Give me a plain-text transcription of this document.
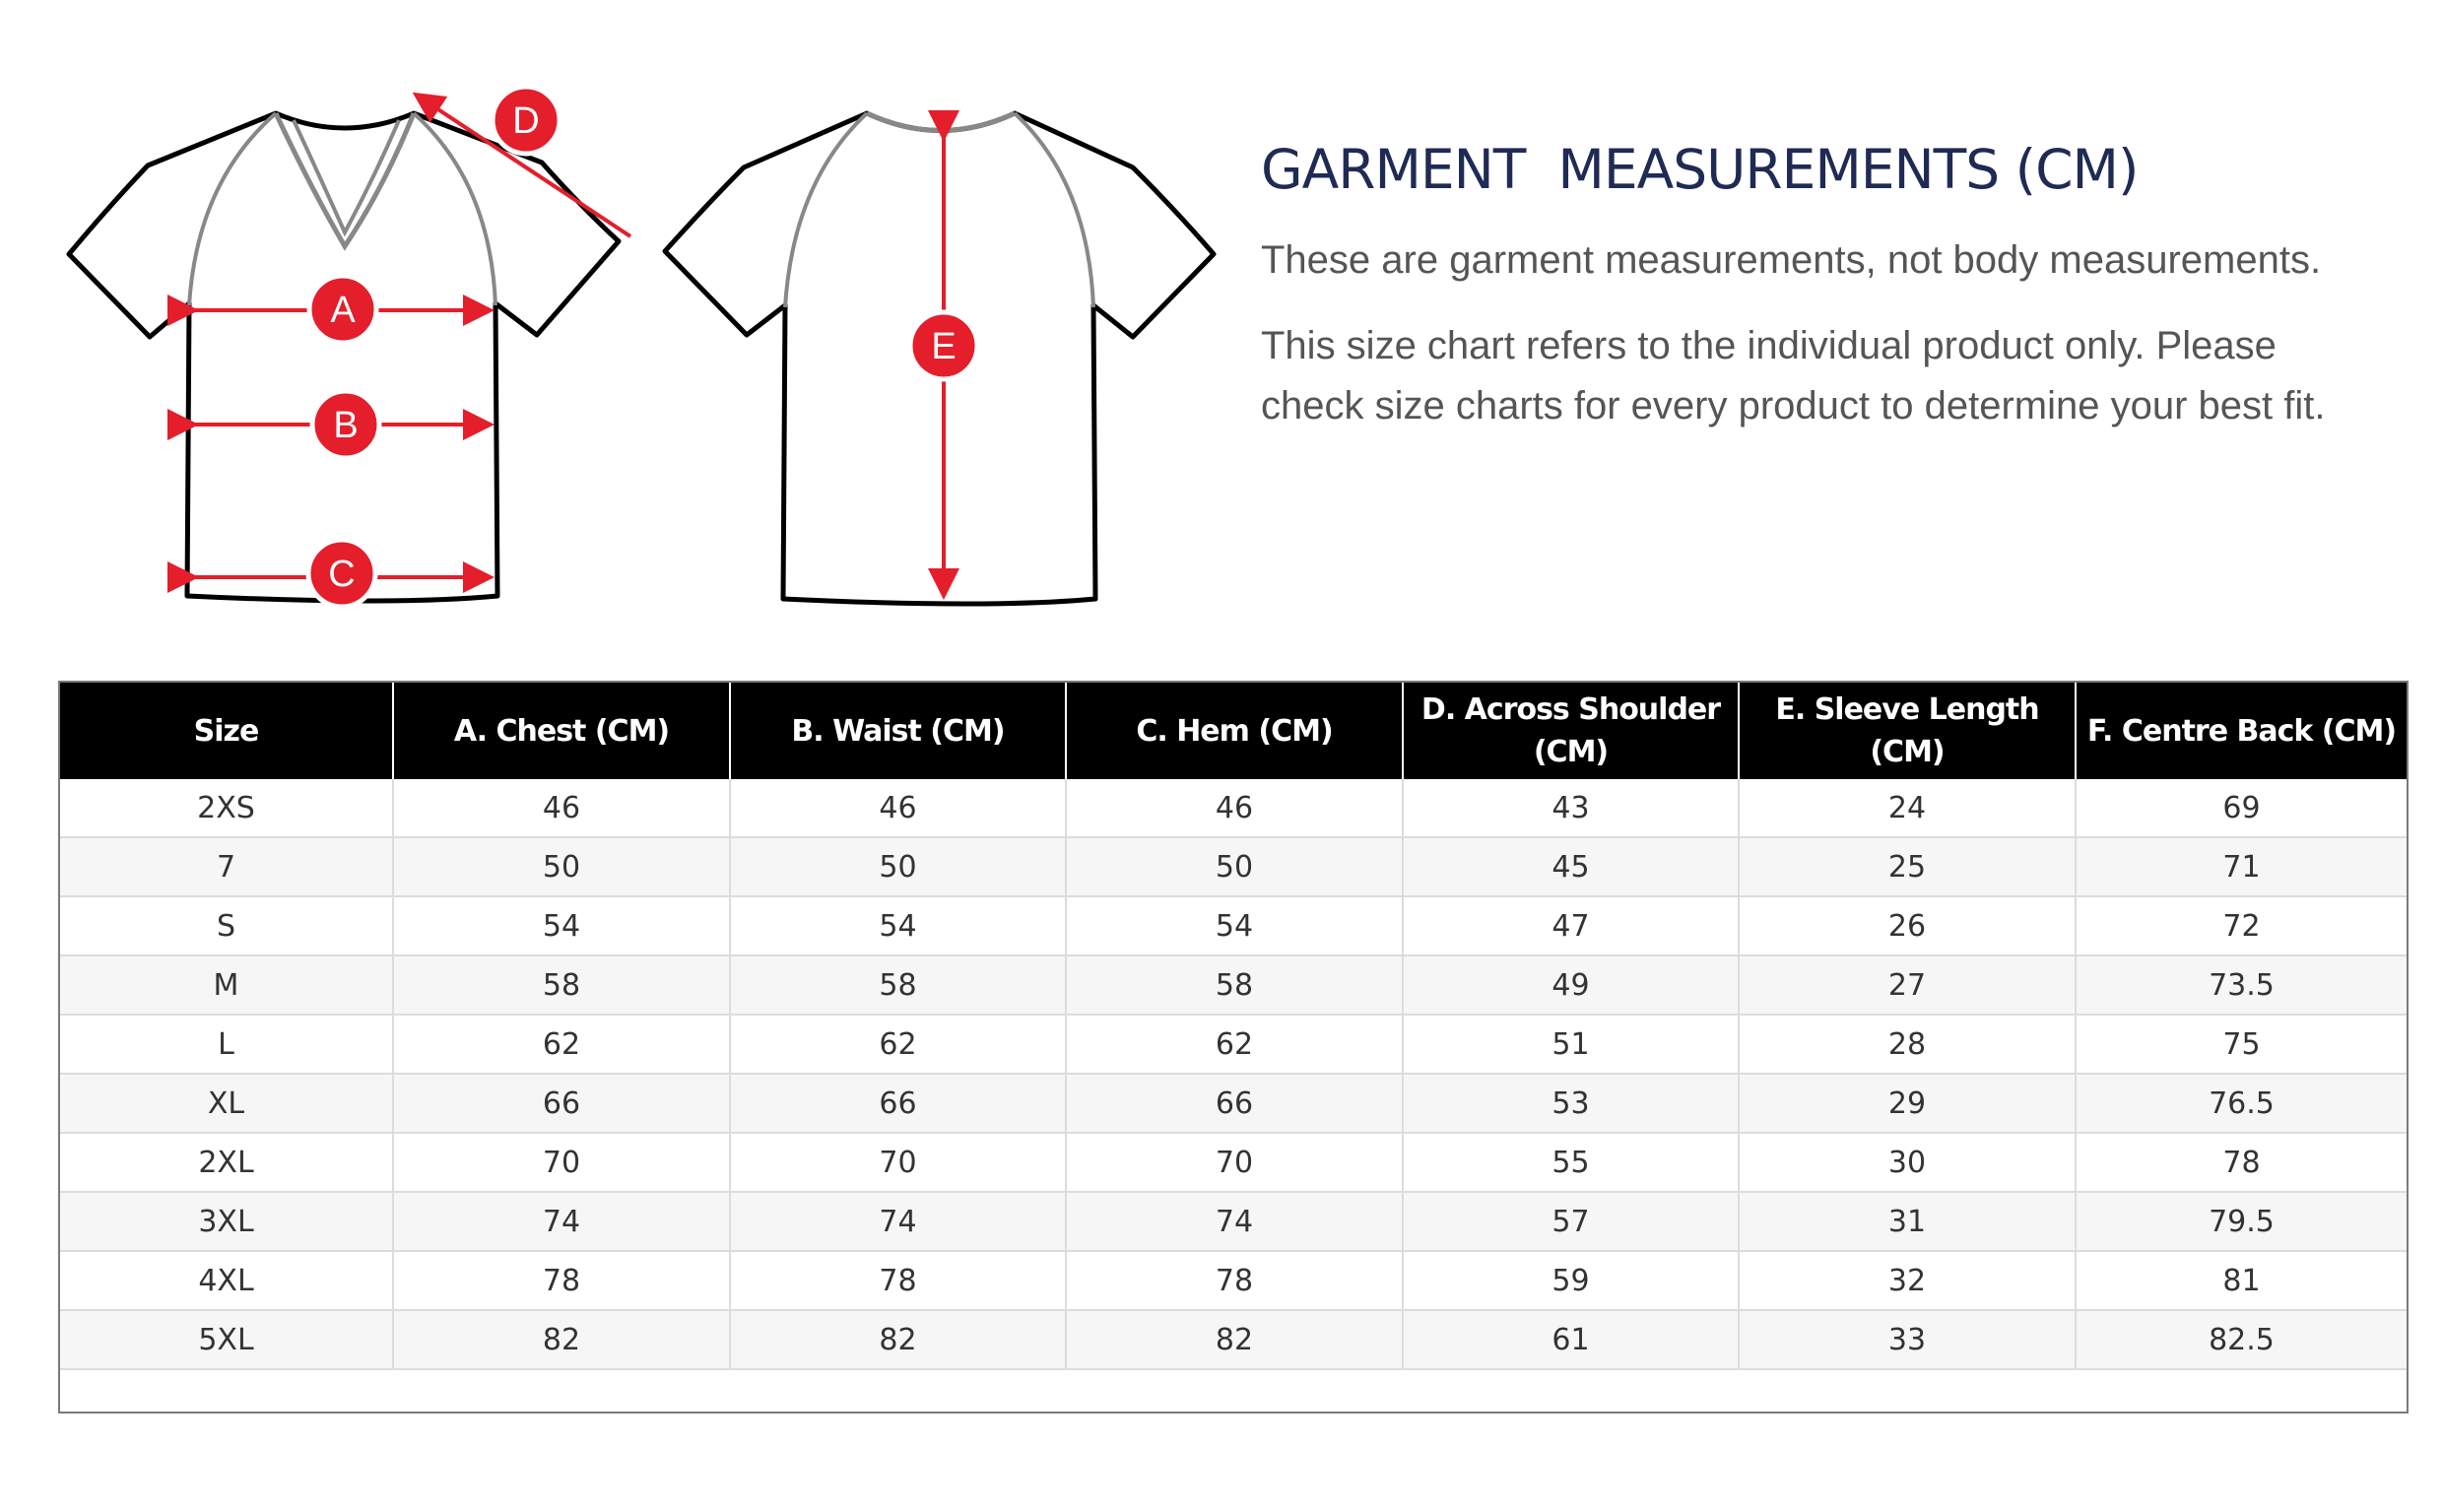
A
B
C
D
E
GARMENT  MEASUREMENTS (CM)

These are garment measurements, not body measurements.

This size chart refers to the individual product only. Please check size charts for every product to determine your best fit.

Size	A. Chest (CM)	B. Waist (CM)	C. Hem (CM)	D. Across Shoulder (CM)	E. Sleeve Length (CM)	F. Centre Back (CM)
2XS	46	46	46	43	24	69
7	50	50	50	45	25	71
S	54	54	54	47	26	72
M	58	58	58	49	27	73.5
L	62	62	62	51	28	75
XL	66	66	66	53	29	76.5
2XL	70	70	70	55	30	78
3XL	74	74	74	57	31	79.5
4XL	78	78	78	59	32	81
5XL	82	82	82	61	33	82.5
